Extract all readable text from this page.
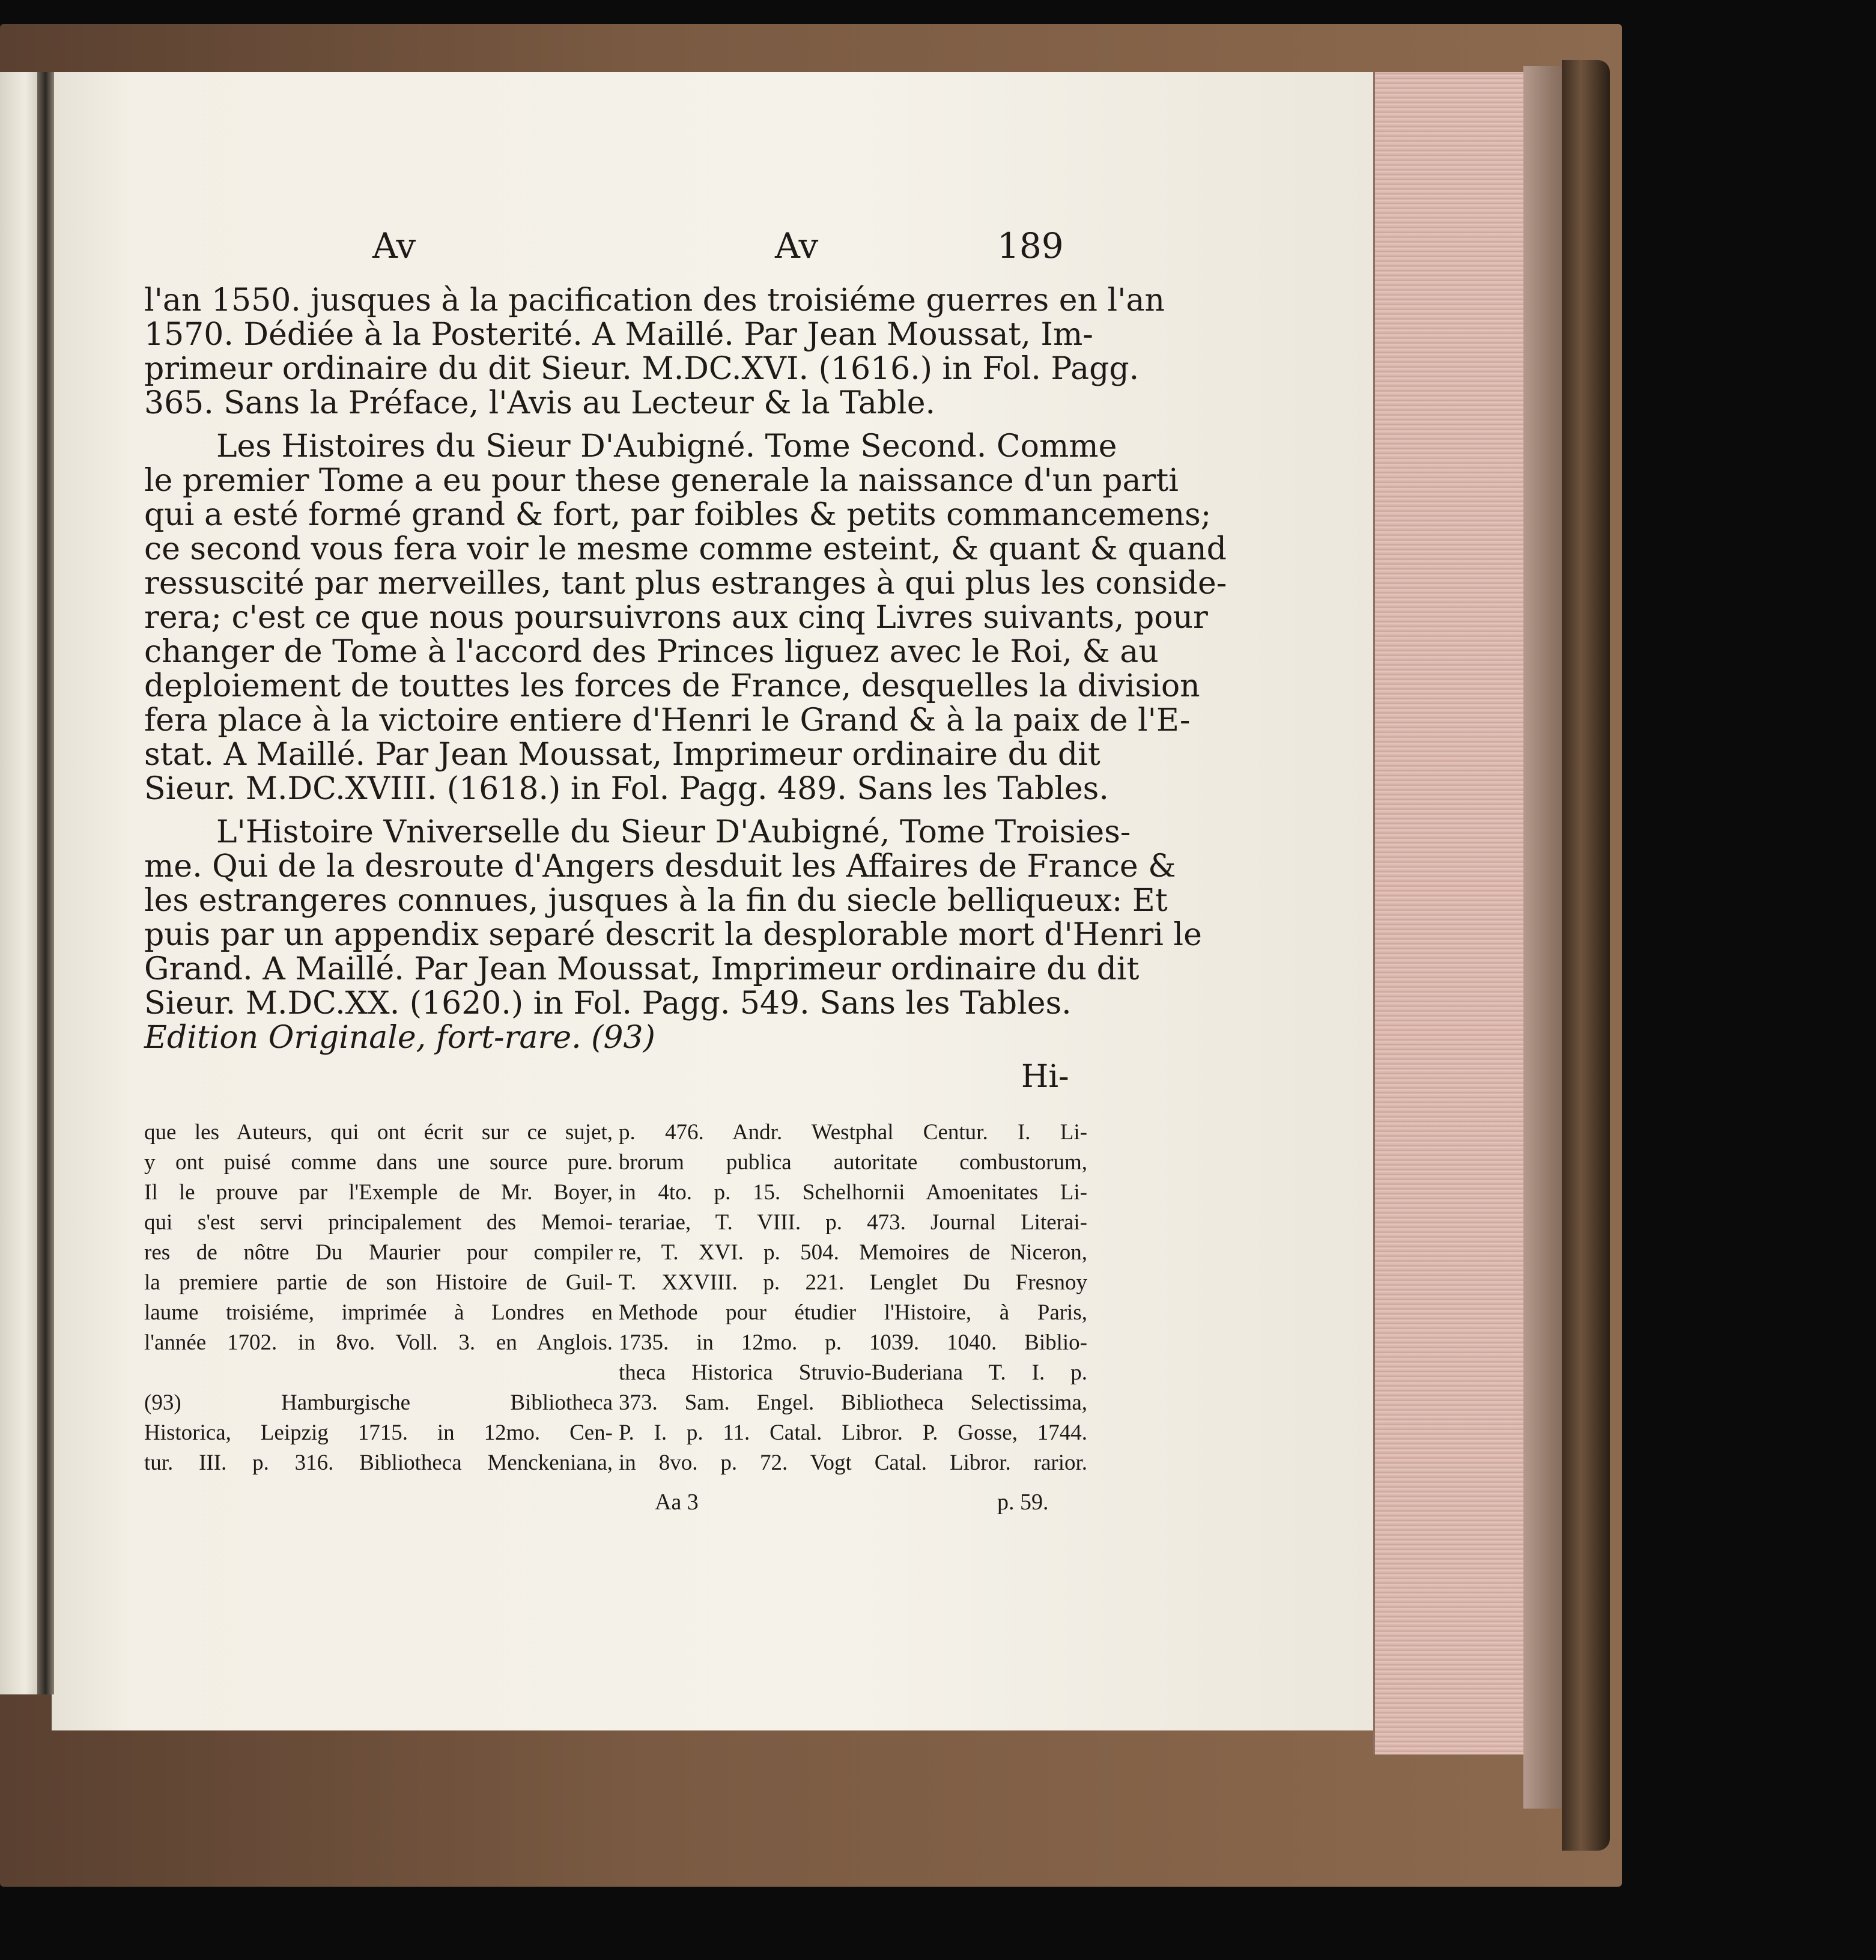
Av	Av	189
l'an 1550. jusques à la pacification des troisiéme guerres en l'an
1570. Dédiée à la Posterité. A Maillé. Par Jean Moussat, Im-
primeur ordinaire du dit Sieur. M.DC.XVI. (1616.) in Fol. Pagg.
365. Sans la Préface, l'Avis au Lecteur & la Table.
Les Histoires du Sieur D'Aubigné. Tome Second. Comme
le premier Tome a eu pour these generale la naissance d'un parti
qui a esté formé grand & fort, par foibles & petits commancemens;
ce second vous fera voir le mesme comme esteint, & quant & quand
ressuscité par merveilles, tant plus estranges à qui plus les conside-
rera; c'est ce que nous poursuivrons aux cinq Livres suivants, pour
changer de Tome à l'accord des Princes liguez avec le Roi, & au
deploiement de touttes les forces de France, desquelles la division
fera place à la victoire entiere d'Henri le Grand & à la paix de l'E-
stat. A Maillé. Par Jean Moussat, Imprimeur ordinaire du dit
Sieur. M.DC.XVIII. (1618.) in Fol. Pagg. 489. Sans les Tables.
L'Histoire Vniverselle du Sieur D'Aubigné, Tome Troisies-
me. Qui de la desroute d'Angers desduit les Affaires de France &
les estrangeres connues, jusques à la fin du siecle belliqueux: Et
puis par un appendix separé descrit la desplorable mort d'Henri le
Grand. A Maillé. Par Jean Moussat, Imprimeur ordinaire du dit
Sieur. M.DC.XX. (1620.) in Fol. Pagg. 549. Sans les Tables.
Edition Originale, fort-rare. (93)
Hi-
que les Auteurs, qui ont écrit sur ce sujet,
y ont puisé comme dans une source pure.
Il le prouve par l'Exemple de Mr. Boyer,
qui s'est servi principalement des Memoi-
res de nôtre Du Maurier pour compiler
la premiere partie de son Histoire de Guil-
laume troisiéme, imprimée à Londres en
l'année 1702. in 8vo. Voll. 3. en Anglois.
(93) Hamburgische Bibliotheca
Historica, Leipzig 1715. in 12mo. Cen-
tur. III. p. 316. Bibliotheca Menckeniana,
p. 476. Andr. Westphal Centur. I. Li-
brorum publica autoritate combustorum,
in 4to. p. 15. Schelhornii Amoenitates Li-
terariae, T. VIII. p. 473. Journal Literai-
re, T. XVI. p. 504. Memoires de Niceron,
T. XXVIII. p. 221. Lenglet Du Fresnoy
Methode pour étudier l'Histoire, à Paris,
1735. in 12mo. p. 1039. 1040. Biblio-
theca Historica Struvio-Buderiana T. I. p.
373. Sam. Engel. Bibliotheca Selectissima,
P. I. p. 11. Catal. Libror. P. Gosse, 1744.
in 8vo. p. 72. Vogt Catal. Libror. rarior.
Aa 3	p. 59.
